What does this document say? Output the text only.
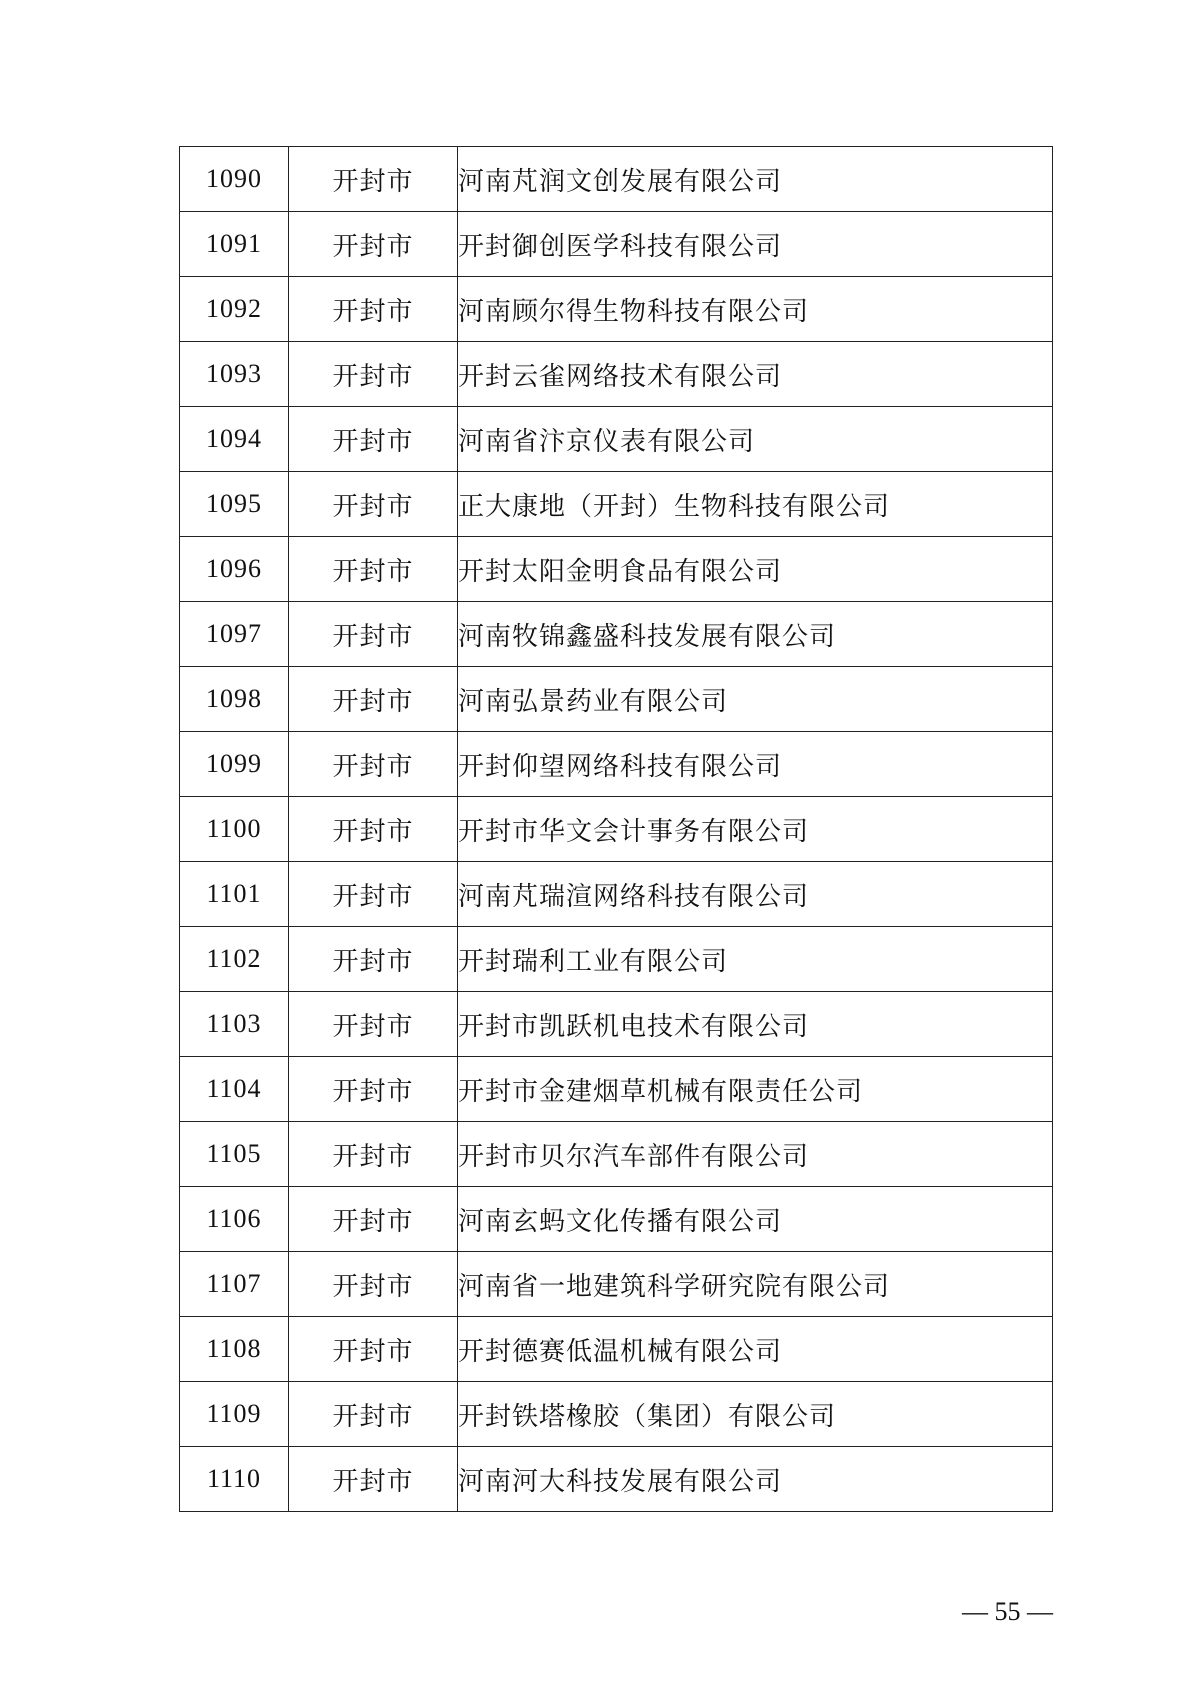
1090	开封市	河南芃润文创发展有限公司
1091	开封市	开封御创医学科技有限公司
1092	开封市	河南顾尔得生物科技有限公司
1093	开封市	开封云雀网络技术有限公司
1094	开封市	河南省汴京仪表有限公司
1095	开封市	正大康地（开封）生物科技有限公司
1096	开封市	开封太阳金明食品有限公司
1097	开封市	河南牧锦鑫盛科技发展有限公司
1098	开封市	河南弘景药业有限公司
1099	开封市	开封仰望网络科技有限公司
1100	开封市	开封市华文会计事务有限公司
1101	开封市	河南芃瑞渲网络科技有限公司
1102	开封市	开封瑞利工业有限公司
1103	开封市	开封市凯跃机电技术有限公司
1104	开封市	开封市金建烟草机械有限责任公司
1105	开封市	开封市贝尔汽车部件有限公司
1106	开封市	河南玄蚂文化传播有限公司
1107	开封市	河南省一地建筑科学研究院有限公司
1108	开封市	开封德赛低温机械有限公司
1109	开封市	开封铁塔橡胶（集团）有限公司
1110	开封市	河南河大科技发展有限公司
— 55 —
